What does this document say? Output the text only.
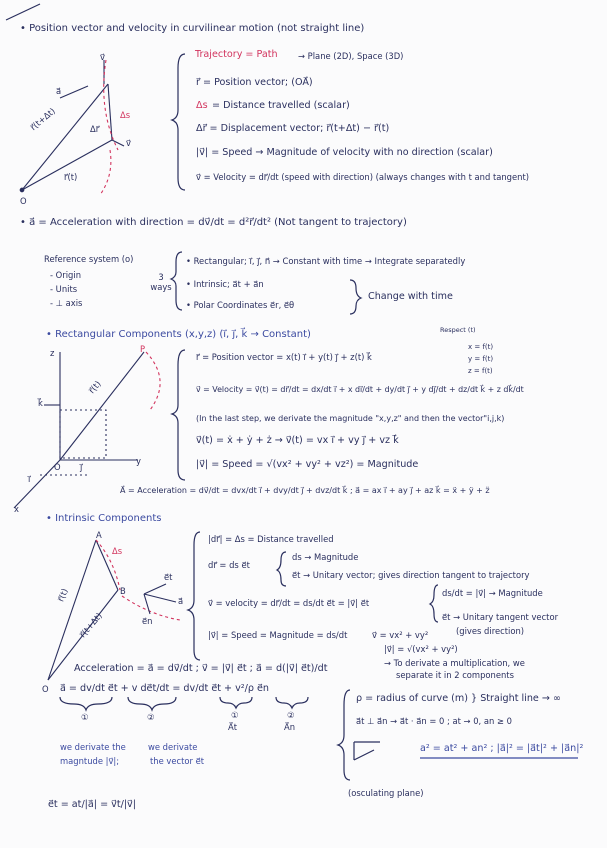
• Position vector and velocity in curvilinear motion (not straight line)
Trajectory = Path → Plane (2D), Space (3D)
r⃗ = Position vector; (OA⃗)
Δs = Distance travelled (scalar)
Δr⃗ = Displacement vector; r⃗(t+Δt) − r⃗(t)
|v⃗| = Speed → Magnitude of velocity with no direction (scalar)
v⃗ = Velocity = dr⃗/dt (speed with direction) (always changes with t and tangent)
v⃗
a⃗
r⃗(t+Δt)	Δr⃗
Δs
v⃗
r⃗(t)
O
• a⃗ = Acceleration with direction = dv⃗/dt = d²r⃗/dt² (Not tangent to trajectory)
Reference system (o)
- Origin
- Units
- ⊥ axis
3 ways
• Rectangular; i⃗, j⃗, n⃗ → Constant with time → Integrate separatedly
• Intrinsic; a⃗t + a⃗n
• Polar Coordinates e⃗r, e⃗θ
Change with time
• Rectangular Components (x,y,z) (i⃗, j⃗, k⃗ → Constant)	Respect (t)
x = f(t)
y = f(t)
z = f(t)
r⃗ = Position vector = x(t) i⃗ + y(t) j⃗ + z(t) k⃗
v⃗ = Velocity = v⃗(t) = dr⃗/dt = dx/dt i⃗ + x di⃗/dt + dy/dt j⃗ + y dj⃗/dt + dz/dt k⃗ + z dk⃗/dt
(In the last step, we derivate the magnitude "x,y,z" and then the vector"i,j,k)
v⃗(t) = ẋ + ẏ + ż → v⃗(t) = vx i⃗ + vy j⃗ + vz k⃗
|v⃗| = Speed = √(vx² + vy² + vz²) = Magnitude
A⃗ = Acceleration = dv⃗/dt = dvx/dt i⃗ + dvy/dt j⃗ + dvz/dt k⃗ ; a⃗ = ax i⃗ + ay j⃗ + az k⃗ = ẍ + ÿ + z̈
z
y
x
P
r⃗(t)
k⃗
j⃗
i⃗
O
• Intrinsic Components
|dr⃗| = Δs = Distance travelled
dr⃗ = ds e⃗t
ds → Magnitude
e⃗t → Unitary vector; gives direction tangent to trajectory
v⃗ = velocity = dr⃗/dt = ds/dt e⃗t = |v⃗| e⃗t
ds/dt = |v⃗| → Magnitude
e⃗t → Unitary tangent vector
(gives direction)
|v⃗| = Speed = Magnitude = ds/dt	v⃗ = vx² + vy²
|v⃗| = √(vx² + vy²)
Acceleration = a⃗ = dv⃗/dt ; v⃗ = |v⃗| e⃗t ; a⃗ = d(|v⃗| e⃗t)/dt	→ To derivate a multiplication, we
separate it in 2 components
a⃗ = dv/dt e⃗t + v de⃗t/dt = dv/dt e⃗t + v²/ρ e⃗n
①	②	①	②
A⃗t	A⃗n
we derivate the
magntude |v⃗|;
we derivate
the vector e⃗t
ρ = radius of curve (m) } Straight line → ∞
a⃗t ⊥ a⃗n → a⃗t · a⃗n = 0 ; at → 0, an ≥ 0
a² = at² + an² ; |a⃗|² = |a⃗t|² + |a⃗n|²
(osculating plane)
e⃗t = at/|a⃗| = v⃗t/|v⃗|
A
Δs
r⃗(t)
r⃗(t+Δt)
B
e⃗t
a⃗
e⃗n
O
